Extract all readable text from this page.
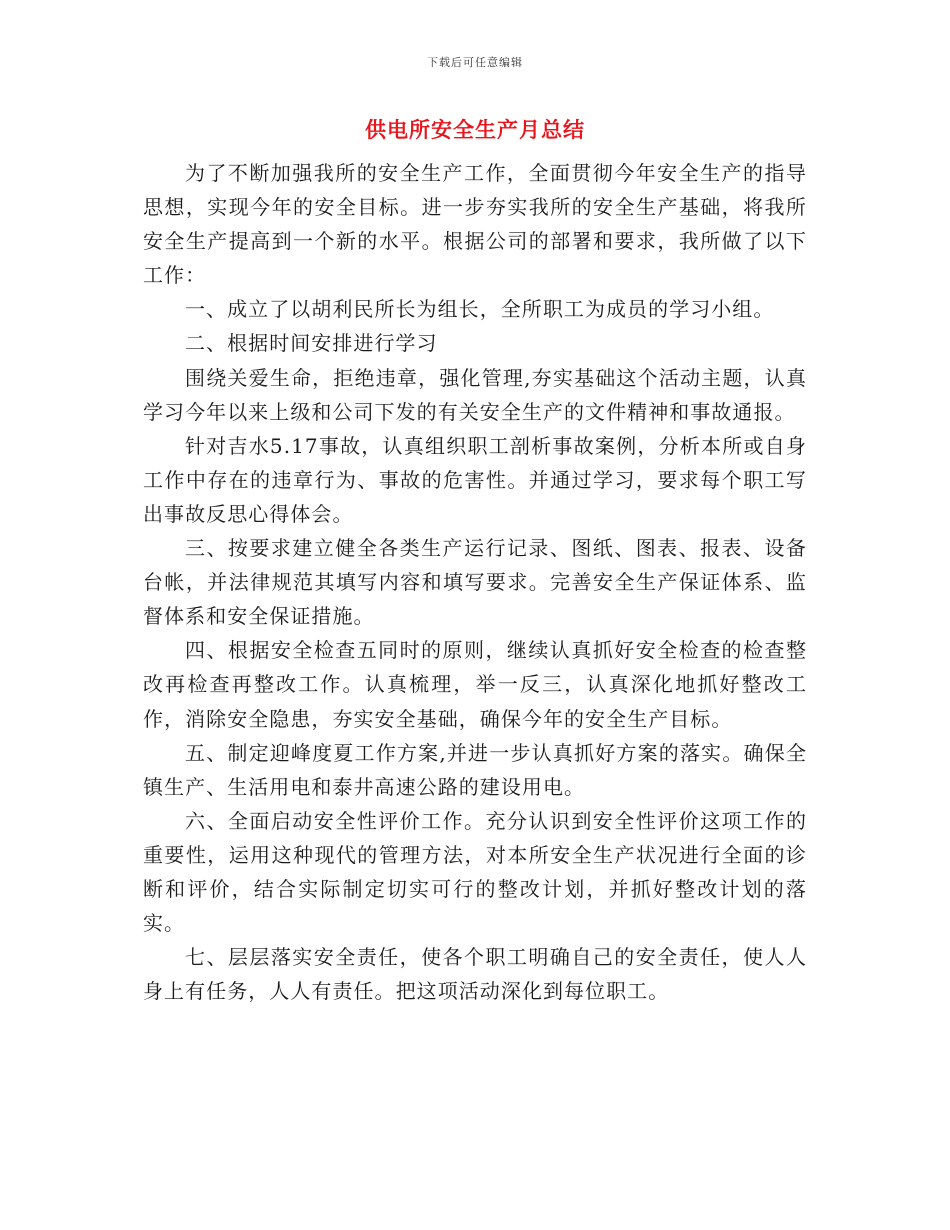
下载后可任意编辑
供电所安全生产月总结

为了不断加强我所的安全生产工作，全面贯彻今年安全生产的指导思想，实现今年的安全目标。进一步夯实我所的安全生产基础，将我所安全生产提高到一个新的水平。根据公司的部署和要求，我所做了以下工作：

一、成立了以胡利民所长为组长，全所职工为成员的学习小组。

二、根据时间安排进行学习

围绕关爱生命，拒绝违章，强化管理,夯实基础这个活动主题，认真学习今年以来上级和公司下发的有关安全生产的文件精神和事故通报。

针对吉水5.17事故，认真组织职工剖析事故案例，分析本所或自身工作中存在的违章行为、事故的危害性。并通过学习，要求每个职工写出事故反思心得体会。

三、按要求建立健全各类生产运行记录、图纸、图表、报表、设备台帐，并法律规范其填写内容和填写要求。完善安全生产保证体系、监督体系和安全保证措施。

四、根据安全检查五同时的原则，继续认真抓好安全检查的检查整改再检查再整改工作。认真梳理，举一反三，认真深化地抓好整改工作，消除安全隐患，夯实安全基础，确保今年的安全生产目标。

五、制定迎峰度夏工作方案,并进一步认真抓好方案的落实。确保全镇生产、生活用电和泰井高速公路的建设用电。

六、全面启动安全性评价工作。充分认识到安全性评价这项工作的重要性，运用这种现代的管理方法，对本所安全生产状况进行全面的诊断和评价，结合实际制定切实可行的整改计划，并抓好整改计划的落实。

七、层层落实安全责任，使各个职工明确自己的安全责任，使人人身上有任务，人人有责任。把这项活动深化到每位职工。
